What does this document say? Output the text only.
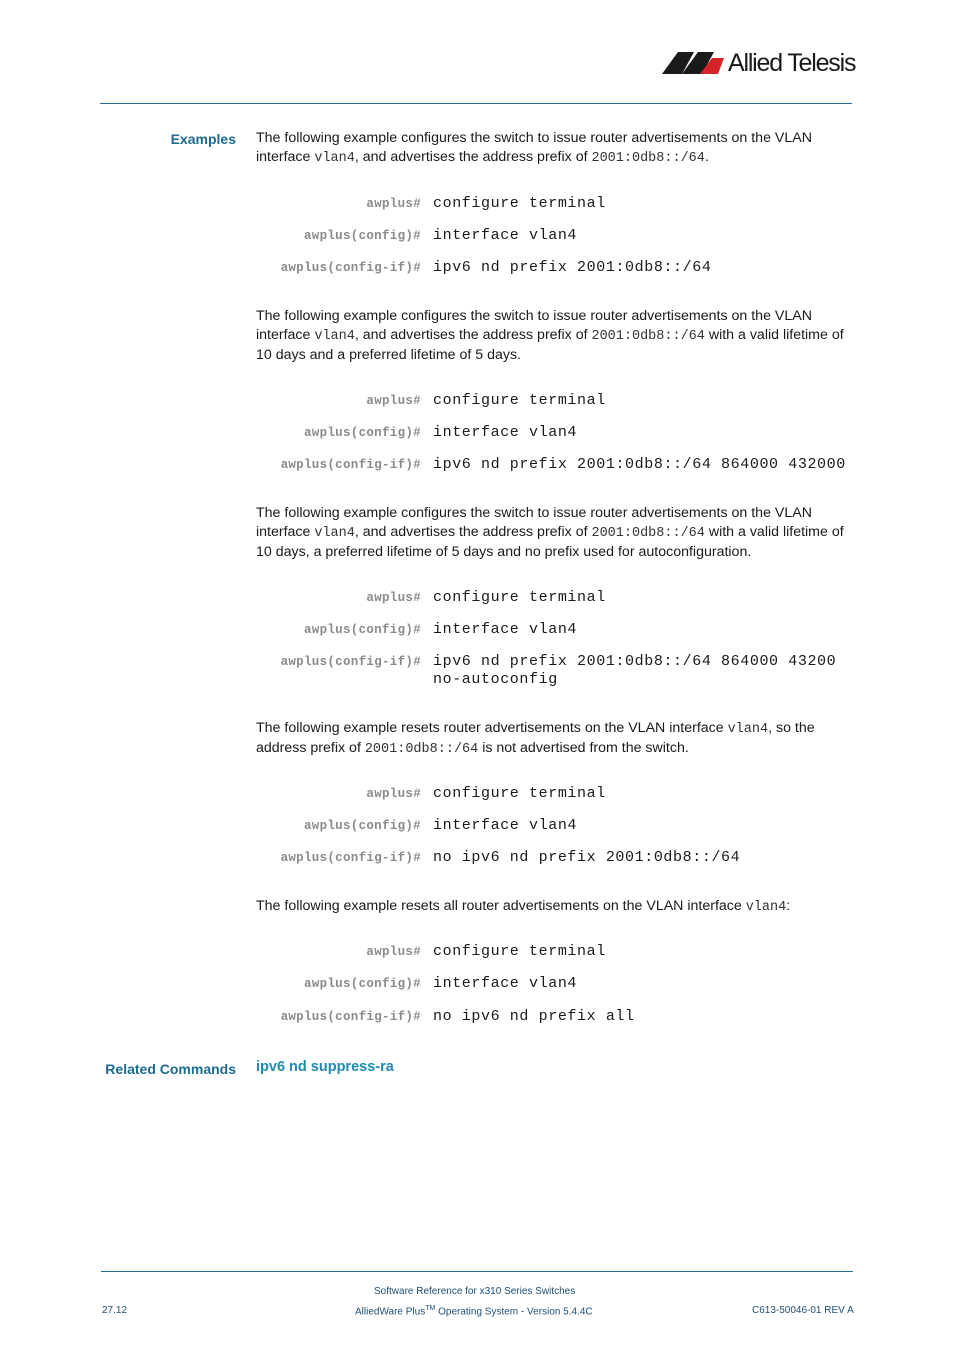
Allied Telesis
Examples The following example configures the switch to issue router advertisements on the VLAN interface vlan4, and advertises the address prefix of 2001:0db8::/64.
awplus# configure terminal
awplus(config)# interface vlan4
awplus(config-if)# ipv6 nd prefix 2001:0db8::/64
The following example configures the switch to issue router advertisements on the VLAN interface vlan4, and advertises the address prefix of 2001:0db8::/64 with a valid lifetime of 10 days and a preferred lifetime of 5 days.
awplus# configure terminal
awplus(config)# interface vlan4
awplus(config-if)# ipv6 nd prefix 2001:0db8::/64 864000 432000
The following example configures the switch to issue router advertisements on the VLAN interface vlan4, and advertises the address prefix of 2001:0db8::/64 with a valid lifetime of 10 days, a preferred lifetime of 5 days and no prefix used for autoconfiguration.
awplus# configure terminal
awplus(config)# interface vlan4
awplus(config-if)# ipv6 nd prefix 2001:0db8::/64 864000 43200
no-autoconfig
The following example resets router advertisements on the VLAN interface vlan4, so the address prefix of 2001:0db8::/64 is not advertised from the switch.
awplus# configure terminal
awplus(config)# interface vlan4
awplus(config-if)# no ipv6 nd prefix 2001:0db8::/64
The following example resets all router advertisements on the VLAN interface vlan4:
awplus# configure terminal
awplus(config)# interface vlan4
awplus(config-if)# no ipv6 nd prefix all
Related Commands ipv6 nd suppress-ra
Software Reference for x310 Series Switches
27.12	AlliedWare Plus™ Operating System - Version 5.4.4C	C613-50046-01 REV A
